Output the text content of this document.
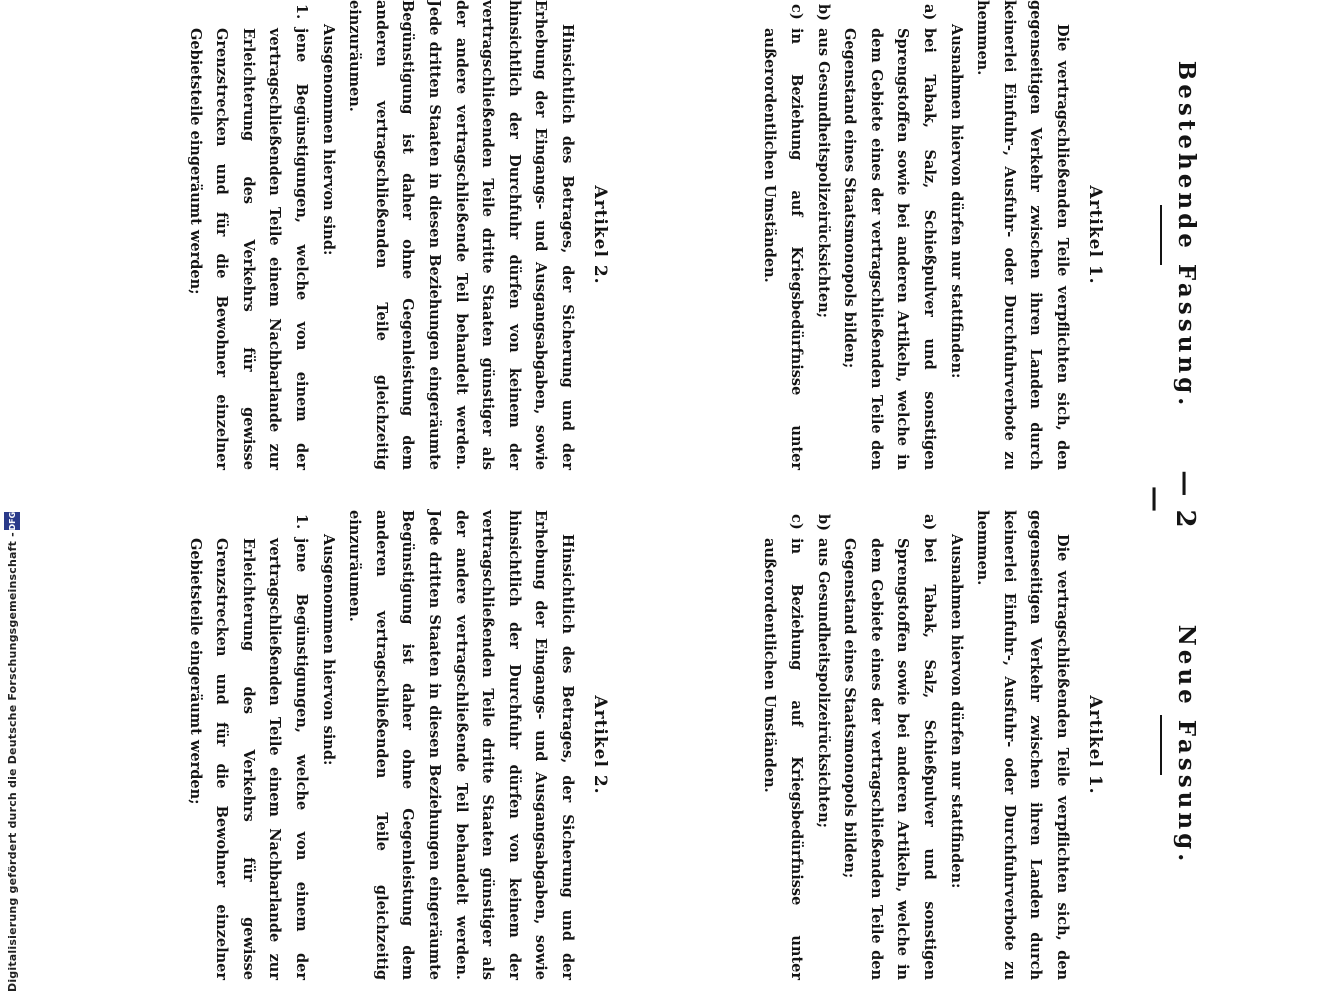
— 2 —
Bestehende Fassung.
Artikel 1.

Die vertragschließenden Teile verpflichten sich, den gegenseitigen Verkehr zwischen ihren Landen durch keinerlei Einfuhr-, Ausfuhr- oder Durchfuhrverbote zu hemmen.

Ausnahmen hiervon dürfen nur stattfinden:

a)

bei Tabak, Salz, Schießpulver und sonstigen Sprengstoffen sowie bei anderen Artikeln, welche in dem Gebiete eines der vertragschließenden Teile den Gegenstand eines Staatsmonopols bilden;

b)

aus Gesundheitspolizeirücksichten;

c)

in Beziehung auf Kriegsbedürfnisse unter außerordentlichen Umständen.

Artikel 2.

Hinsichtlich des Betrages, der Sicherung und der Erhebung der Eingangs- und Ausgangsabgaben, sowie hinsichtlich der Durchfuhr dürfen von keinem der vertragschließenden Teile dritte Staaten günstiger als der andere vertragschließende Teil behandelt werden. Jede dritten Staaten in diesen Beziehungen eingeräumte Begünstigung ist daher ohne Gegenleistung dem anderen vertragschließenden Teile gleichzeitig einzuräumen.

Ausgenommen hiervon sind:

1.

jene Begünstigungen, welche von einem der vertragschließenden Teile einem Nachbarlande zur Erleichterung des Verkehrs für gewisse Grenzstrecken und für die Bewohner einzelner Gebietsteile eingeräumt werden;

Neue Fassung.
Artikel 1.

Die vertragschließenden Teile verpflichten sich, den gegenseitigen Verkehr zwischen ihren Landen durch keinerlei Einfuhr-, Ausfuhr- oder Durchfuhrverbote zu hemmen.

Ausnahmen hiervon dürfen nur stattfinden:

a)

bei Tabak, Salz, Schießpulver und sonstigen Sprengstoffen sowie bei anderen Artikeln, welche in dem Gebiete eines der vertragschließenden Teile den Gegenstand eines Staatsmonopols bilden;

b)

aus Gesundheitspolizeirücksichten;

c)

in Beziehung auf Kriegsbedürfnisse unter außerordentlichen Umständen.

Artikel 2.

Hinsichtlich des Betrages, der Sicherung und der Erhebung der Eingangs- und Ausgangsabgaben, sowie hinsichtlich der Durchfuhr dürfen von keinem der vertragschließenden Teile dritte Staaten günstiger als der andere vertragschließende Teil behandelt werden. Jede dritten Staaten in diesen Beziehungen eingeräumte Begünstigung ist daher ohne Gegenleistung dem anderen vertragschließenden Teile gleichzeitig einzuräumen.

Ausgenommen hiervon sind:

1.

jene Begünstigungen, welche von einem der vertragschließenden Teile einem Nachbarlande zur Erleichterung des Verkehrs für gewisse Grenzstrecken und für die Bewohner einzelner Gebietsteile eingeräumt werden;

Digitalisierung gefördert durch die Deutsche Forschungsgemeinschaft -
DFG
